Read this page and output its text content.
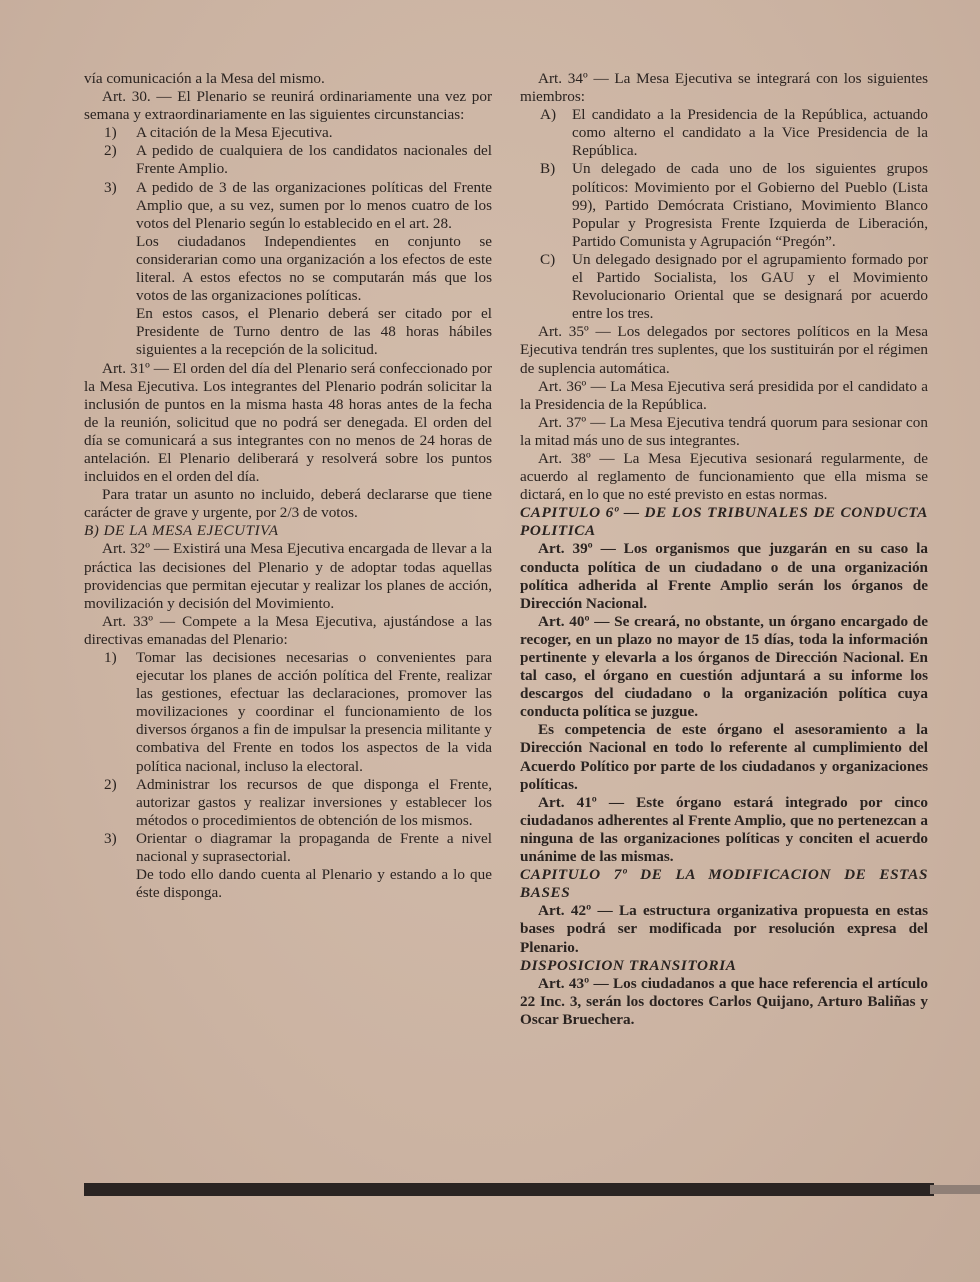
vía comunicación a la Mesa del mismo.

Art. 30. — El Plenario se reunirá ordinariamente una vez por semana y extraordinariamente en las siguientes circunstancias:

1)	A citación de la Mesa Ejecutiva.
2)	A pedido de cualquiera de los candidatos nacionales del Frente Amplio.
3)	A pedido de 3 de las organizaciones políticas del Frente Amplio que, a su vez, sumen por lo menos cuatro de los votos del Plenario según lo establecido en el art. 28.

Los ciudadanos Independientes en conjunto se considerarian como una organización a los efectos de este literal. A estos efectos no se computarán más que los votos de las organizaciones políticas.

En estos casos, el Plenario deberá ser citado por el Presidente de Turno dentro de las 48 horas hábiles siguientes a la recepción de la solicitud.

Art. 31º — El orden del día del Plenario será confeccionado por la Mesa Ejecutiva. Los integrantes del Plenario podrán solicitar la inclusión de puntos en la misma hasta 48 horas antes de la fecha de la reunión, solicitud que no podrá ser denegada. El orden del día se comunicará a sus integrantes con no menos de 24 horas de antelación. El Plenario deliberará y resolverá sobre los puntos incluidos en el orden del día.

Para tratar un asunto no incluido, deberá declararse que tiene carácter de grave y urgente, por 2/3 de votos.

B) DE LA MESA EJECUTIVA

Art. 32º — Existirá una Mesa Ejecutiva encargada de llevar a la práctica las decisiones del Plenario y de adoptar todas aquellas providencias que permitan ejecutar y realizar los planes de acción, movilización y decisión del Movimiento.

Art. 33º — Compete a la Mesa Ejecutiva, ajustándose a las directivas emanadas del Plenario:

1)	Tomar las decisiones necesarias o convenientes para ejecutar los planes de acción política del Frente, realizar las gestiones, efectuar las declaraciones, promover las movilizaciones y coordinar el funcionamiento de los diversos órganos a fin de impulsar la presencia militante y combativa del Frente en todos los aspectos de la vida política nacional, incluso la electoral.
2)	Administrar los recursos de que disponga el Frente, autorizar gastos y realizar inversiones y establecer los métodos o procedimientos de obtención de los mismos.
3)	Orientar o diagramar la propaganda de Frente a nivel nacional y suprasectorial.

De todo ello dando cuenta al Plenario y estando a lo que éste disponga.

Art. 34º — La Mesa Ejecutiva se integrará con los siguientes miembros:

A)	El candidato a la Presidencia de la República, actuando como alterno el candidato a la Vice Presidencia de la República.
B)	Un delegado de cada uno de los siguientes grupos políticos: Movimiento por el Gobierno del Pueblo (Lista 99), Partido Demócrata Cristiano, Movimiento Blanco Popular y Progresista Frente Izquierda de Liberación, Partido Comunista y Agrupación “Pregón”.
C)	Un delegado designado por el agrupamiento formado por el Partido Socialista, los GAU y el Movimiento Revolucionario Oriental que se designará por acuerdo entre los tres.

Art. 35º — Los delegados por sectores políticos en la Mesa Ejecutiva tendrán tres suplentes, que los sustituirán por el régimen de suplencia automática.

Art. 36º — La Mesa Ejecutiva será presidida por el candidato a la Presidencia de la República.

Art. 37º — La Mesa Ejecutiva tendrá quorum para sesionar con la mitad más uno de sus integrantes.

Art. 38º — La Mesa Ejecutiva sesionará regularmente, de acuerdo al reglamento de funcionamiento que ella misma se dictará, en lo que no esté previsto en estas normas.

CAPITULO 6º — DE LOS TRIBUNALES DE CONDUCTA POLITICA

Art. 39º — Los organismos que juzgarán en su caso la conducta política de un ciudadano o de una organización política adherida al Frente Amplio serán los órganos de Dirección Nacional.

Art. 40º — Se creará, no obstante, un órgano encargado de recoger, en un plazo no mayor de 15 días, toda la información pertinente y elevarla a los órganos de Dirección Nacional. En tal caso, el órgano en cuestión adjuntará a su informe los descargos del ciudadano o la organización política cuya conducta política se juzgue.

Es competencia de este órgano el asesoramiento a la Dirección Nacional en todo lo referente al cumplimiento del Acuerdo Político por parte de los ciudadanos y organizaciones políticas.

Art. 41º — Este órgano estará integrado por cinco ciudadanos adherentes al Frente Amplio, que no pertenezcan a ninguna de las organizaciones políticas y conciten el acuerdo unánime de las mismas.

CAPITULO 7º DE LA MODIFICACION DE ESTAS BASES

Art. 42º — La estructura organizativa propuesta en estas bases podrá ser modificada por resolución expresa del Plenario.

DISPOSICION TRANSITORIA

Art. 43º — Los ciudadanos a que hace referencia el artículo 22 Inc. 3, serán los doctores Carlos Quijano, Arturo Baliñas y Oscar Bruechera.
